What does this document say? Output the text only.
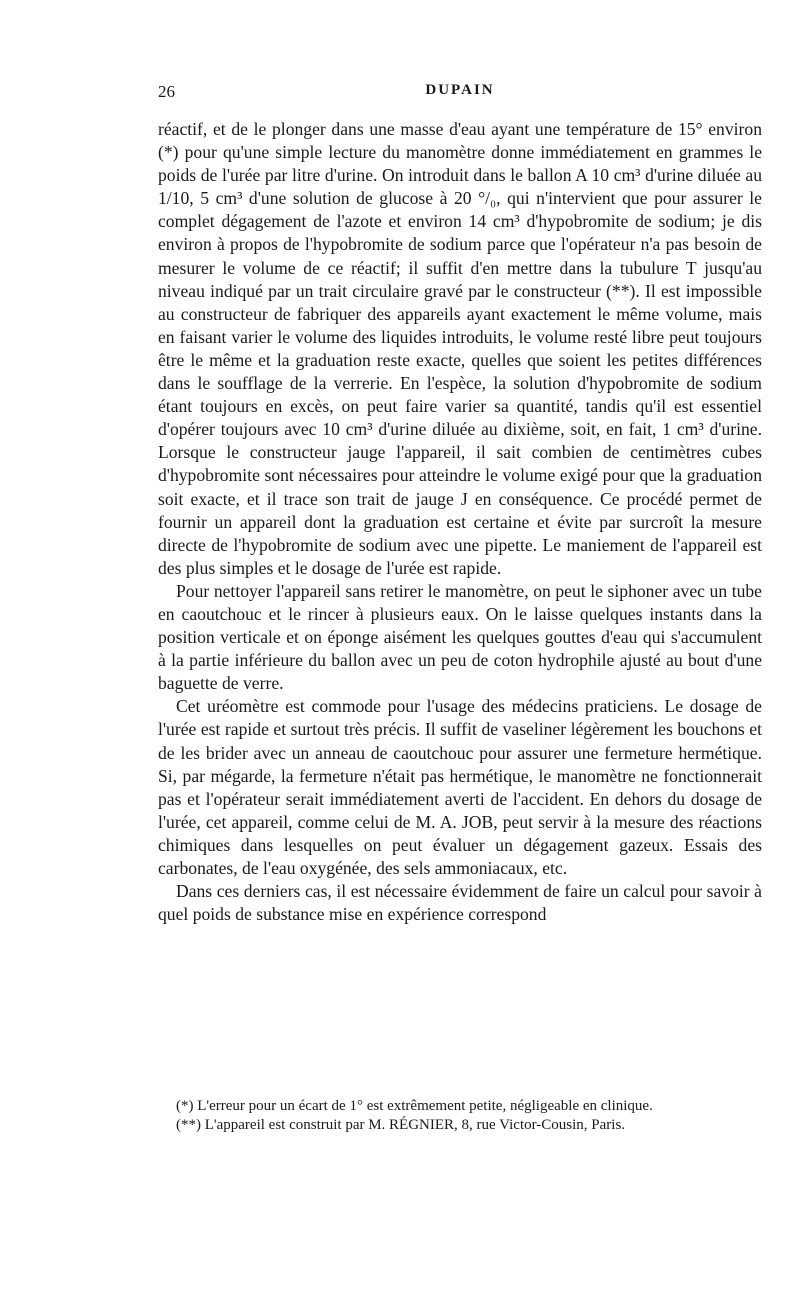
26	DUPAIN

réactif, et de le plonger dans une masse d'eau ayant une température de 15° environ (*) pour qu'une simple lecture du manomètre donne immédiatement en grammes le poids de l'urée par litre d'urine. On introduit dans le ballon A 10 cm³ d'urine diluée au 1/10, 5 cm³ d'une solution de glucose à 20 °/₀, qui n'intervient que pour assurer le complet dégagement de l'azote et environ 14 cm³ d'hypobromite de sodium; je dis environ à propos de l'hypobromite de sodium parce que l'opérateur n'a pas besoin de mesurer le volume de ce réactif; il suffit d'en mettre dans la tubulure T jusqu'au niveau indiqué par un trait circulaire gravé par le constructeur (**). Il est impossible au constructeur de fabriquer des appareils ayant exactement le même volume, mais en faisant varier le volume des liquides introduits, le volume resté libre peut toujours être le même et la graduation reste exacte, quelles que soient les petites différences dans le soufflage de la verrerie. En l'espèce, la solution d'hypobromite de sodium étant toujours en excès, on peut faire varier sa quantité, tandis qu'il est essentiel d'opérer toujours avec 10 cm³ d'urine diluée au dixième, soit, en fait, 1 cm³ d'urine. Lorsque le constructeur jauge l'appareil, il sait combien de centimètres cubes d'hypobromite sont nécessaires pour atteindre le volume exigé pour que la graduation soit exacte, et il trace son trait de jauge J en conséquence. Ce procédé permet de fournir un appareil dont la graduation est certaine et évite par surcroît la mesure directe de l'hypobromite de sodium avec une pipette. Le maniement de l'appareil est des plus simples et le dosage de l'urée est rapide.

Pour nettoyer l'appareil sans retirer le manomètre, on peut le siphoner avec un tube en caoutchouc et le rincer à plusieurs eaux. On le laisse quelques instants dans la position verticale et on éponge aisément les quelques gouttes d'eau qui s'accumulent à la partie inférieure du ballon avec un peu de coton hydrophile ajusté au bout d'une baguette de verre.

Cet uréomètre est commode pour l'usage des médecins praticiens. Le dosage de l'urée est rapide et surtout très précis. Il suffit de vaseliner légèrement les bouchons et de les brider avec un anneau de caoutchouc pour assurer une fermeture hermétique. Si, par mégarde, la fermeture n'était pas hermétique, le manomètre ne fonctionnerait pas et l'opérateur serait immédiatement averti de l'accident. En dehors du dosage de l'urée, cet appareil, comme celui de M. A. JOB, peut servir à la mesure des réactions chimiques dans lesquelles on peut évaluer un dégagement gazeux. Essais des carbonates, de l'eau oxygénée, des sels ammoniacaux, etc.

Dans ces derniers cas, il est nécessaire évidemment de faire un calcul pour savoir à quel poids de substance mise en expérience correspond

(*) L'erreur pour un écart de 1° est extrêmement petite, négligeable en clinique.

(**) L'appareil est construit par M. RÉGNIER, 8, rue Victor-Cousin, Paris.
